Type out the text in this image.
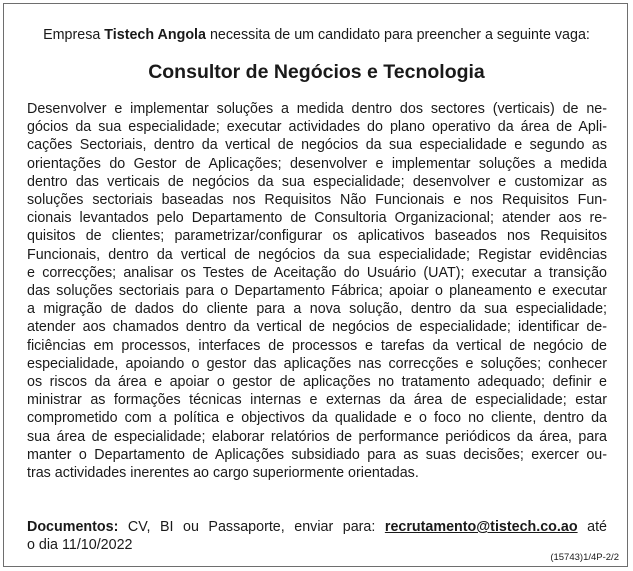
Empresa Tistech Angola necessita de um candidato para preencher a seguinte vaga:
Consultor de Negócios e Tecnologia
Desenvolver e implementar soluções a medida dentro dos sectores (verticais) de ne-
gócios da sua especialidade; executar actividades do plano operativo da área de Apli-
cações Sectoriais, dentro da vertical de negócios da sua especialidade e segundo as
orientações do Gestor de Aplicações; desenvolver e implementar soluções a medida
dentro das verticais de negócios da sua especialidade; desenvolver e customizar as
soluções sectoriais baseadas nos Requisitos Não Funcionais e nos Requisitos Fun-
cionais levantados pelo Departamento de Consultoria Organizacional; atender aos re-
quisitos de clientes; parametrizar/configurar os aplicativos baseados nos Requisitos
Funcionais, dentro da vertical de negócios da sua especialidade; Registar evidências
e correcções; analisar os Testes de Aceitação do Usuário (UAT); executar a transição
das soluções sectoriais para o Departamento Fábrica; apoiar o planeamento e executar
a migração de dados do cliente para a nova solução, dentro da sua especialidade;
atender aos chamados dentro da vertical de negócios de especialidade; identificar de-
ficiências em processos, interfaces de processos e tarefas da vertical de negócio de
especialidade, apoiando o gestor das aplicações nas correcções e soluções; conhecer
os riscos da área e apoiar o gestor de aplicações no tratamento adequado; definir e
ministrar as formações técnicas internas e externas da área de especialidade; estar
comprometido com a política e objectivos da qualidade e o foco no cliente, dentro da
sua área de especialidade; elaborar relatórios de performance periódicos da área, para
manter o Departamento de Aplicações subsidiado para as suas decisões; exercer ou-
tras actividades inerentes ao cargo superiormente orientadas.
Documentos: CV, BI ou Passaporte, enviar para: recrutamento@tistech.co.ao até
o dia 11/10/2022
(15743)1/4P-2/2
